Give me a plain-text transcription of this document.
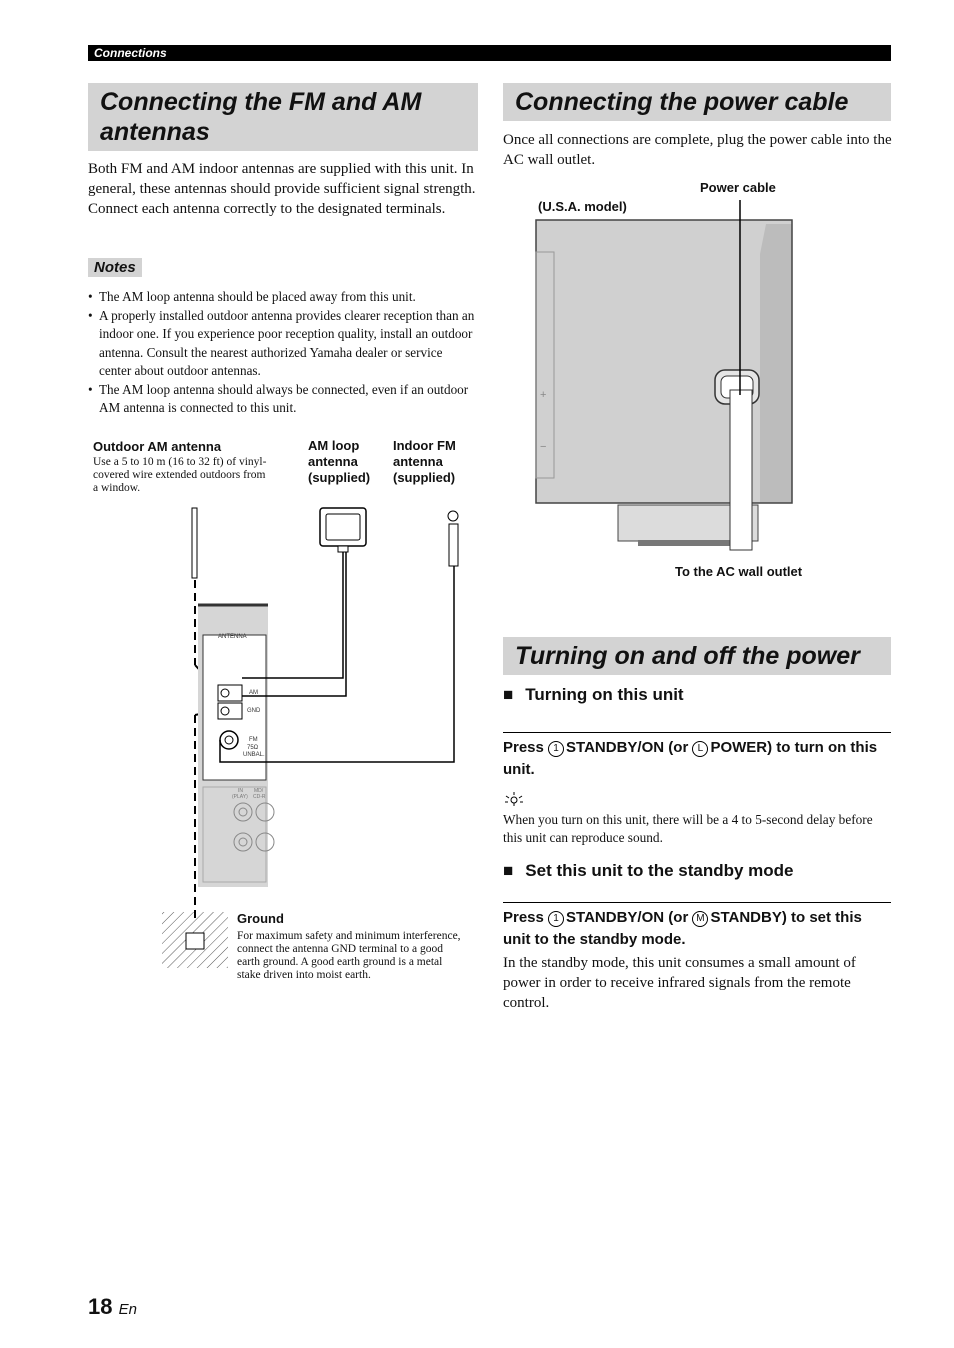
Connections
Connecting the FM and AM antennas
Both FM and AM indoor antennas are supplied with this unit. In general, these antennas should provide sufficient signal strength. Connect each antenna correctly to the designated terminals.
Notes
• The AM loop antenna should be placed away from this unit.
• A properly installed outdoor antenna provides clearer reception than an indoor one. If you experience poor reception quality, install an outdoor antenna. Consult the nearest authorized Yamaha dealer or service center about outdoor antennas.
• The AM loop antenna should always be connected, even if an outdoor AM antenna is connected to this unit.
Outdoor AM antenna
Use a 5 to 10 m (16 to 32 ft) of vinyl-covered wire extended outdoors from a window.
AM loop antenna (supplied)
Indoor FM antenna (supplied)
ANTENNA
AM
GND
FM
75Ω
UNBAL.
IN
(PLAY)
MD/
CD-R
Ground
For maximum safety and minimum interference, connect the antenna GND terminal to a good earth ground. A good earth ground is a metal stake driven into moist earth.
Connecting the power cable
Once all connections are complete, plug the power cable into the AC wall outlet.
Power cable
(U.S.A. model)
+
−
To the AC wall outlet
Turning on and off the power
■ Turning on this unit
Press 1 STANDBY/ON (or L POWER) to turn on this unit.
When you turn on this unit, there will be a 4 to 5-second delay before this unit can reproduce sound.
■ Set this unit to the standby mode
Press 1 STANDBY/ON (or M STANDBY) to set this unit to the standby mode.
In the standby mode, this unit consumes a small amount of power in order to receive infrared signals from the remote control.
18 En
